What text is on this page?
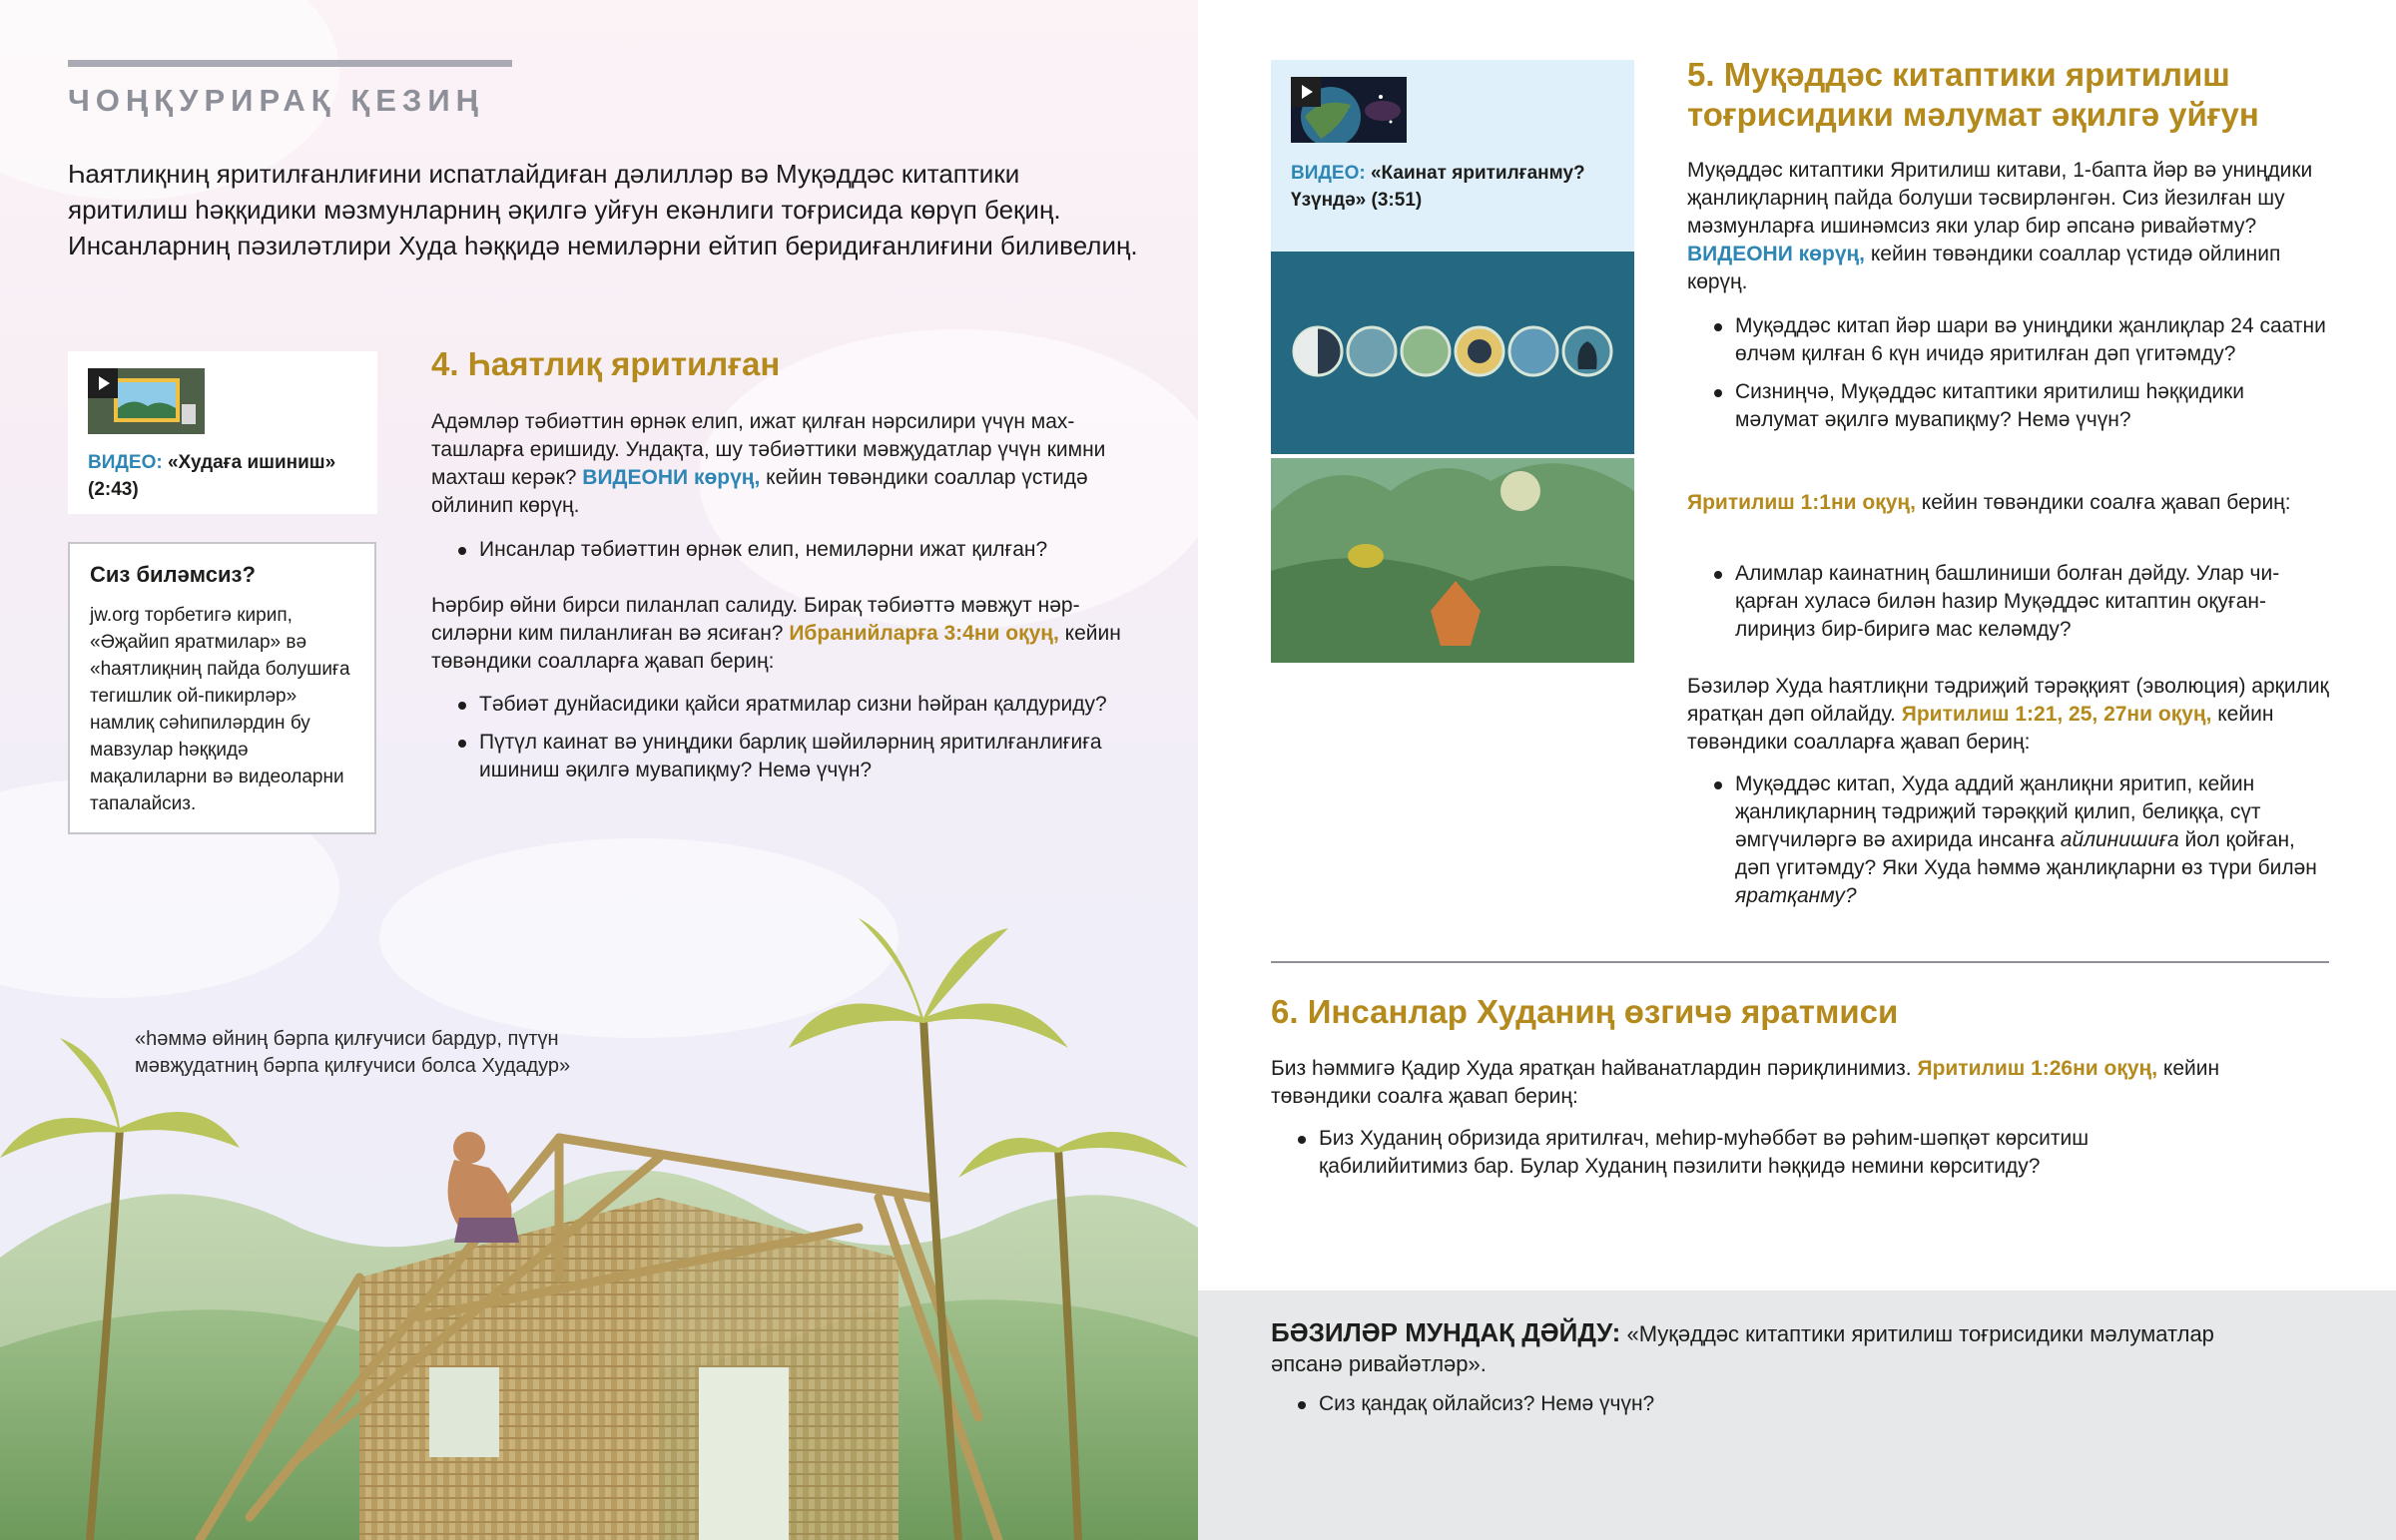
ЧОҢҚУРИРАҚ ҚЕЗИҢ

Һаятлиқниң яритилғанлиғини испатлайдиған дәлилләр вә Муқәддәс китаптики яритилиш һәққидики мәзмунларниң әқилгә уйғун екәнлиги тоғрисида көрүп беқиң. Инсанларниң пәзиләтлири Худа һәққидә немиләрни ейтип беридиғанлиғини биливелиң.

ВИДЕО: «Худаға ишиниш» (2:43)
Сиз биләмсиз?
jw.org торбетигә кирип, «Әҗайип яратмилар» вә «һаятлиқниң пайда болушиға тегишлик ой-пикирләр» намлиқ сәһипиләрдин бу мавзулар һәққидә мақалиларни вә видеоларни тапалайсиз.
4. Һаятлиқ яритилған

Адәмләр тәбиәттин өрнәк елип, ижат қилған нәрсилири үчүн махташларға еришиду. Ундақта, шу тәбиәттики мәвҗудатлар үчүн кимни махташ керәк? ВИДЕОНИ көрүң, кейин төвәндики соаллар үстидә ойлинип көрүң.

Инсанлар тәбиәттин өрнәк елип, немиләрни ижат қилған?

Һәрбир өйни бирси пиланлап салиду. Бирақ тәбиәттә мәвҗут нәрсиләрни ким пиланлиған вә ясиған? Ибранийларға 3:4ни оқуң, кейин төвәндики соалларға җавап бериң:

Тәбиәт дунйасидики қайси яратмилар сизни һәйран қалдуриду?
Пүтүл каинат вә униңдики барлиқ шәйиләрниң яритилғанлиғиға ишиниш әқилгә мувапиқму? Немә үчүн?

«һәммә өйниң бәрпа қилғучиси бардур, пүтүн мәвҗудатниң бәрпа қилғучиси болса Худадур»

ВИДЕО: «Каинат яритилғанму? Үзүндә» (3:51)
5. Муқәддәс китаптики яритилиш тоғрисидики мәлумат әқилгә уйғун

Муқәддәс китаптики Яритилиш китави, 1-бапта йәр вә униңдики җанлиқларниң пайда болуши тәсвирләнгән. Сиз йезилған шу мәзмунларға ишинәмсиз яки улар бир әпсанә ривайәтму? ВИДЕОНИ көрүң, кейин төвәндики соаллар үстидә ойлинип көрүң.

Муқәддәс китап йәр шари вә униңдики җанлиқлар 24 саатни өлчәм қилған 6 күн ичидә яритилған дәп үгитәмду?
Сизниңчә, Муқәддәс китаптики яритилиш һәққидики мәлумат әқилгә мувапиқму? Немә үчүн?

Яритилиш 1:1ни оқуң, кейин төвәндики соалға җавап бериң:

Алимлар каинатниң башлиниши болған дәйду. Улар чиқарған хуласә билән һазир Муқәддәс китаптин оқуғанлириңиз бир-биригә мас келәмду?

Бәзиләр Худа һаятлиқни тәдриҗий тәрәққият (эволюция) арқилиқ яратқан дәп ойлайду. Яритилиш 1:21, 25, 27ни оқуң, кейин төвәндики соалларға җавап бериң:

Муқәддәс китап, Худа аддий җанлиқни яритип, кейин җанлиқларниң тәдриҗий тәрәққий қилип, белиққа, сүт әмгүчиләргә вә ахирида инсанға айлинишиға йол қойған, дәп үгитәмду? Яки Худа һәммә җанлиқларни өз түри билән яратқанму?
6. Инсанлар Худаниң өзгичә яратмиси

Биз һәммигә Қадир Худа яратқан һайванатлардин пәриқлинимиз. Яритилиш 1:26ни оқуң, кейин төвәндики соалға җавап бериң:

Биз Худаниң обризида яритилғач, меһир-муһәббәт вә рәһим-шәпқәт көрситиш қабилийитимиз бар. Булар Худаниң пәзилити һәққидә немини көрситиду?

БӘЗИЛӘР МУНДАҚ ДӘЙДУ: «Муқәддәс китаптики яритилиш тоғрисидики мәлуматлар әпсанә ривайәтләр».

Сиз қандақ ойлайсиз? Немә үчүн?
